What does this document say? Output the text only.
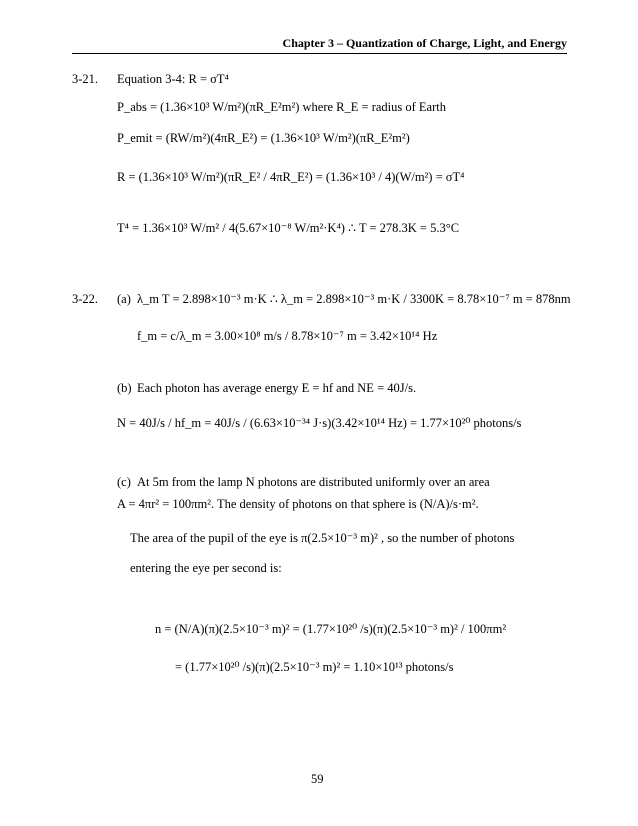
Chapter 3 – Quantization of Charge, Light, and Energy
3-21. Equation 3-4: R = σT⁴
P_abs = (1.36×10³ W/m²)(πR_E²m²) where R_E = radius of Earth
P_emit = (RW/m²)(4πR_E²) = (1.36×10³ W/m²)(πR_E²m²)
R = (1.36×10³ W/m²)(πR_E² / 4πR_E²) = (1.36×10³ / 4)(W/m²) = σT⁴
T⁴ = 1.36×10³ W/m² / 4(5.67×10⁻⁸ W/m²·K⁴) ∴ T = 278.3K = 5.3°C
3-22. (a) λ_m T = 2.898×10⁻³ m·K ∴ λ_m = 2.898×10⁻³ m·K / 3300K = 8.78×10⁻⁷ m = 878nm
f_m = c/λ_m = 3.00×10⁸ m/s / 8.78×10⁻⁷ m = 3.42×10¹⁴ Hz
(b) Each photon has average energy E = hf and NE = 40J/s.
N = 40J/s / hf_m = 40J/s / (6.63×10⁻³⁴ J·s)(3.42×10¹⁴ Hz) = 1.77×10²⁰ photons/s
(c) At 5m from the lamp N photons are distributed uniformly over an area
A = 4πr² = 100πm². The density of photons on that sphere is (N/A)/s·m².
The area of the pupil of the eye is π(2.5×10⁻³ m)² , so the number of photons
entering the eye per second is:
n = (N/A)(π)(2.5×10⁻³ m)² = (1.77×10²⁰ /s)(π)(2.5×10⁻³ m)² / 100πm²
= (1.77×10²⁰ /s)(π)(2.5×10⁻³ m)² = 1.10×10¹³ photons/s
59
